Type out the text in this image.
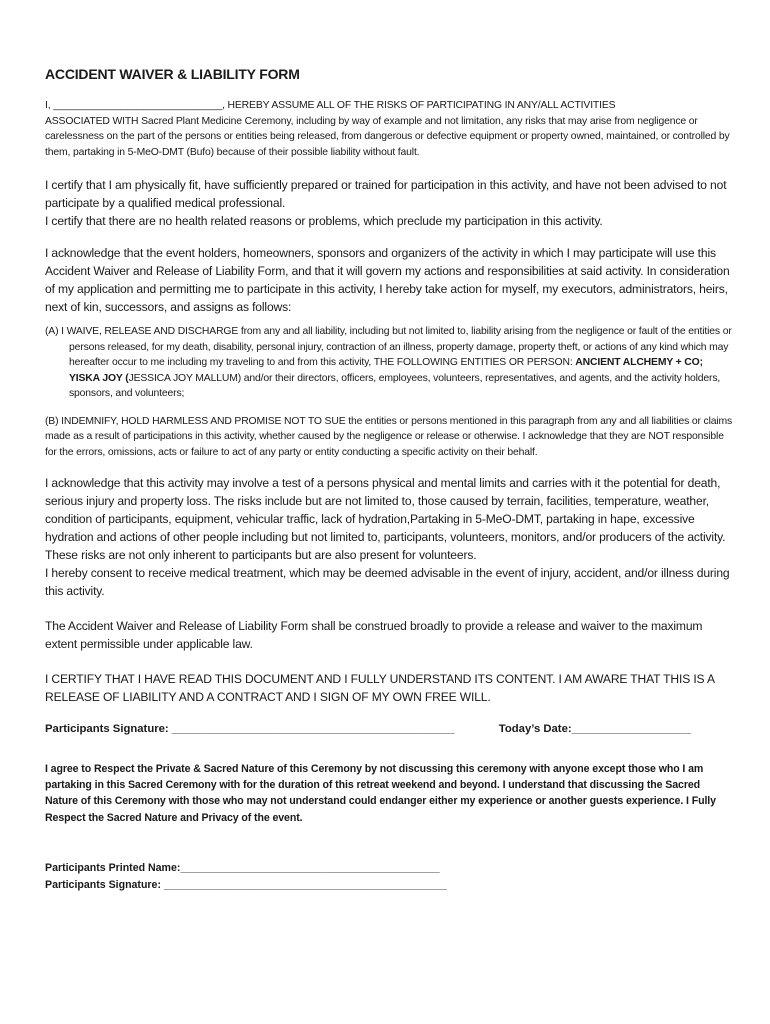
ACCIDENT WAIVER & LIABILITY FORM
I, ______________________________, HEREBY ASSUME ALL OF THE RISKS OF PARTICIPATING IN ANY/ALL ACTIVITIES
ASSOCIATED WITH Sacred Plant Medicine Ceremony, including by way of example and not limitation, any risks that may arise from negligence or carelessness on the part of the persons or entities being released, from dangerous or defective equipment or property owned, maintained, or controlled by them, partaking in 5-MeO-DMT (Bufo) because of their possible liability without fault.
I certify that I am physically fit, have sufficiently prepared or trained for participation in this activity, and have not been advised to not participate by a qualified medical professional.
I certify that there are no health related reasons or problems, which preclude my participation in this activity.
I acknowledge that the event holders, homeowners, sponsors and organizers of the activity in which I may participate will use this Accident Waiver and Release of Liability Form, and that it will govern my actions and responsibilities at said activity. In consideration of my application and permitting me to participate in this activity, I hereby take action for myself, my executors, administrators, heirs, next of kin, successors, and assigns as follows:
(A) I WAIVE, RELEASE AND DISCHARGE from any and all liability, including but not limited to, liability arising from the negligence or fault of the entities or persons released, for my death, disability, personal injury, contraction of an illness, property damage, property theft, or actions of any kind which may hereafter occur to me including my traveling to and from this activity, THE FOLLOWING ENTITIES OR PERSON: ANCIENT ALCHEMY + CO; YISKA JOY (JESSICA JOY MALLUM) and/or their directors, officers, employees, volunteers, representatives, and agents, and the activity holders, sponsors, and volunteers;
(B) INDEMNIFY, HOLD HARMLESS AND PROMISE NOT TO SUE the entities or persons mentioned in this paragraph from any and all liabilities or claims made as a result of participations in this activity, whether caused by the negligence or release or otherwise. I acknowledge that they are NOT responsible for the errors, omissions, acts or failure to act of any party or entity conducting a specific activity on their behalf.
I acknowledge that this activity may involve a test of a persons physical and mental limits and carries with it the potential for death, serious injury and property loss. The risks include but are not limited to, those caused by terrain, facilities, temperature, weather, condition of participants, equipment, vehicular traffic, lack of hydration,Partaking in 5-MeO-DMT, partaking in hape, excessive hydration and actions of other people including but not limited to, participants, volunteers, monitors, and/or producers of the activity. These risks are not only inherent to participants but are also present for volunteers.
I hereby consent to receive medical treatment, which may be deemed advisable in the event of injury, accident, and/or illness during this activity.
The Accident Waiver and Release of Liability Form shall be construed broadly to provide a release and waiver to the maximum extent permissible under applicable law.
I CERTIFY THAT I HAVE READ THIS DOCUMENT AND I FULLY UNDERSTAND ITS CONTENT. I AM AWARE THAT THIS IS A RELEASE OF LIABILITY AND A CONTRACT AND I SIGN OF MY OWN FREE WILL.
Participants Signature: _____________________________________________	Today’s Date:___________________
I agree to Respect the Private & Sacred Nature of this Ceremony by not discussing this ceremony with anyone except those who I am partaking in this Sacred Ceremony with for the duration of this retreat weekend and beyond. I understand that discussing the Sacred Nature of this Ceremony with those who may not understand could endanger either my experience or another guests experience. I Fully Respect the Sacred Nature and Privacy of the event.
Participants Printed Name:____________________________________________
Participants Signature: ________________________________________________
